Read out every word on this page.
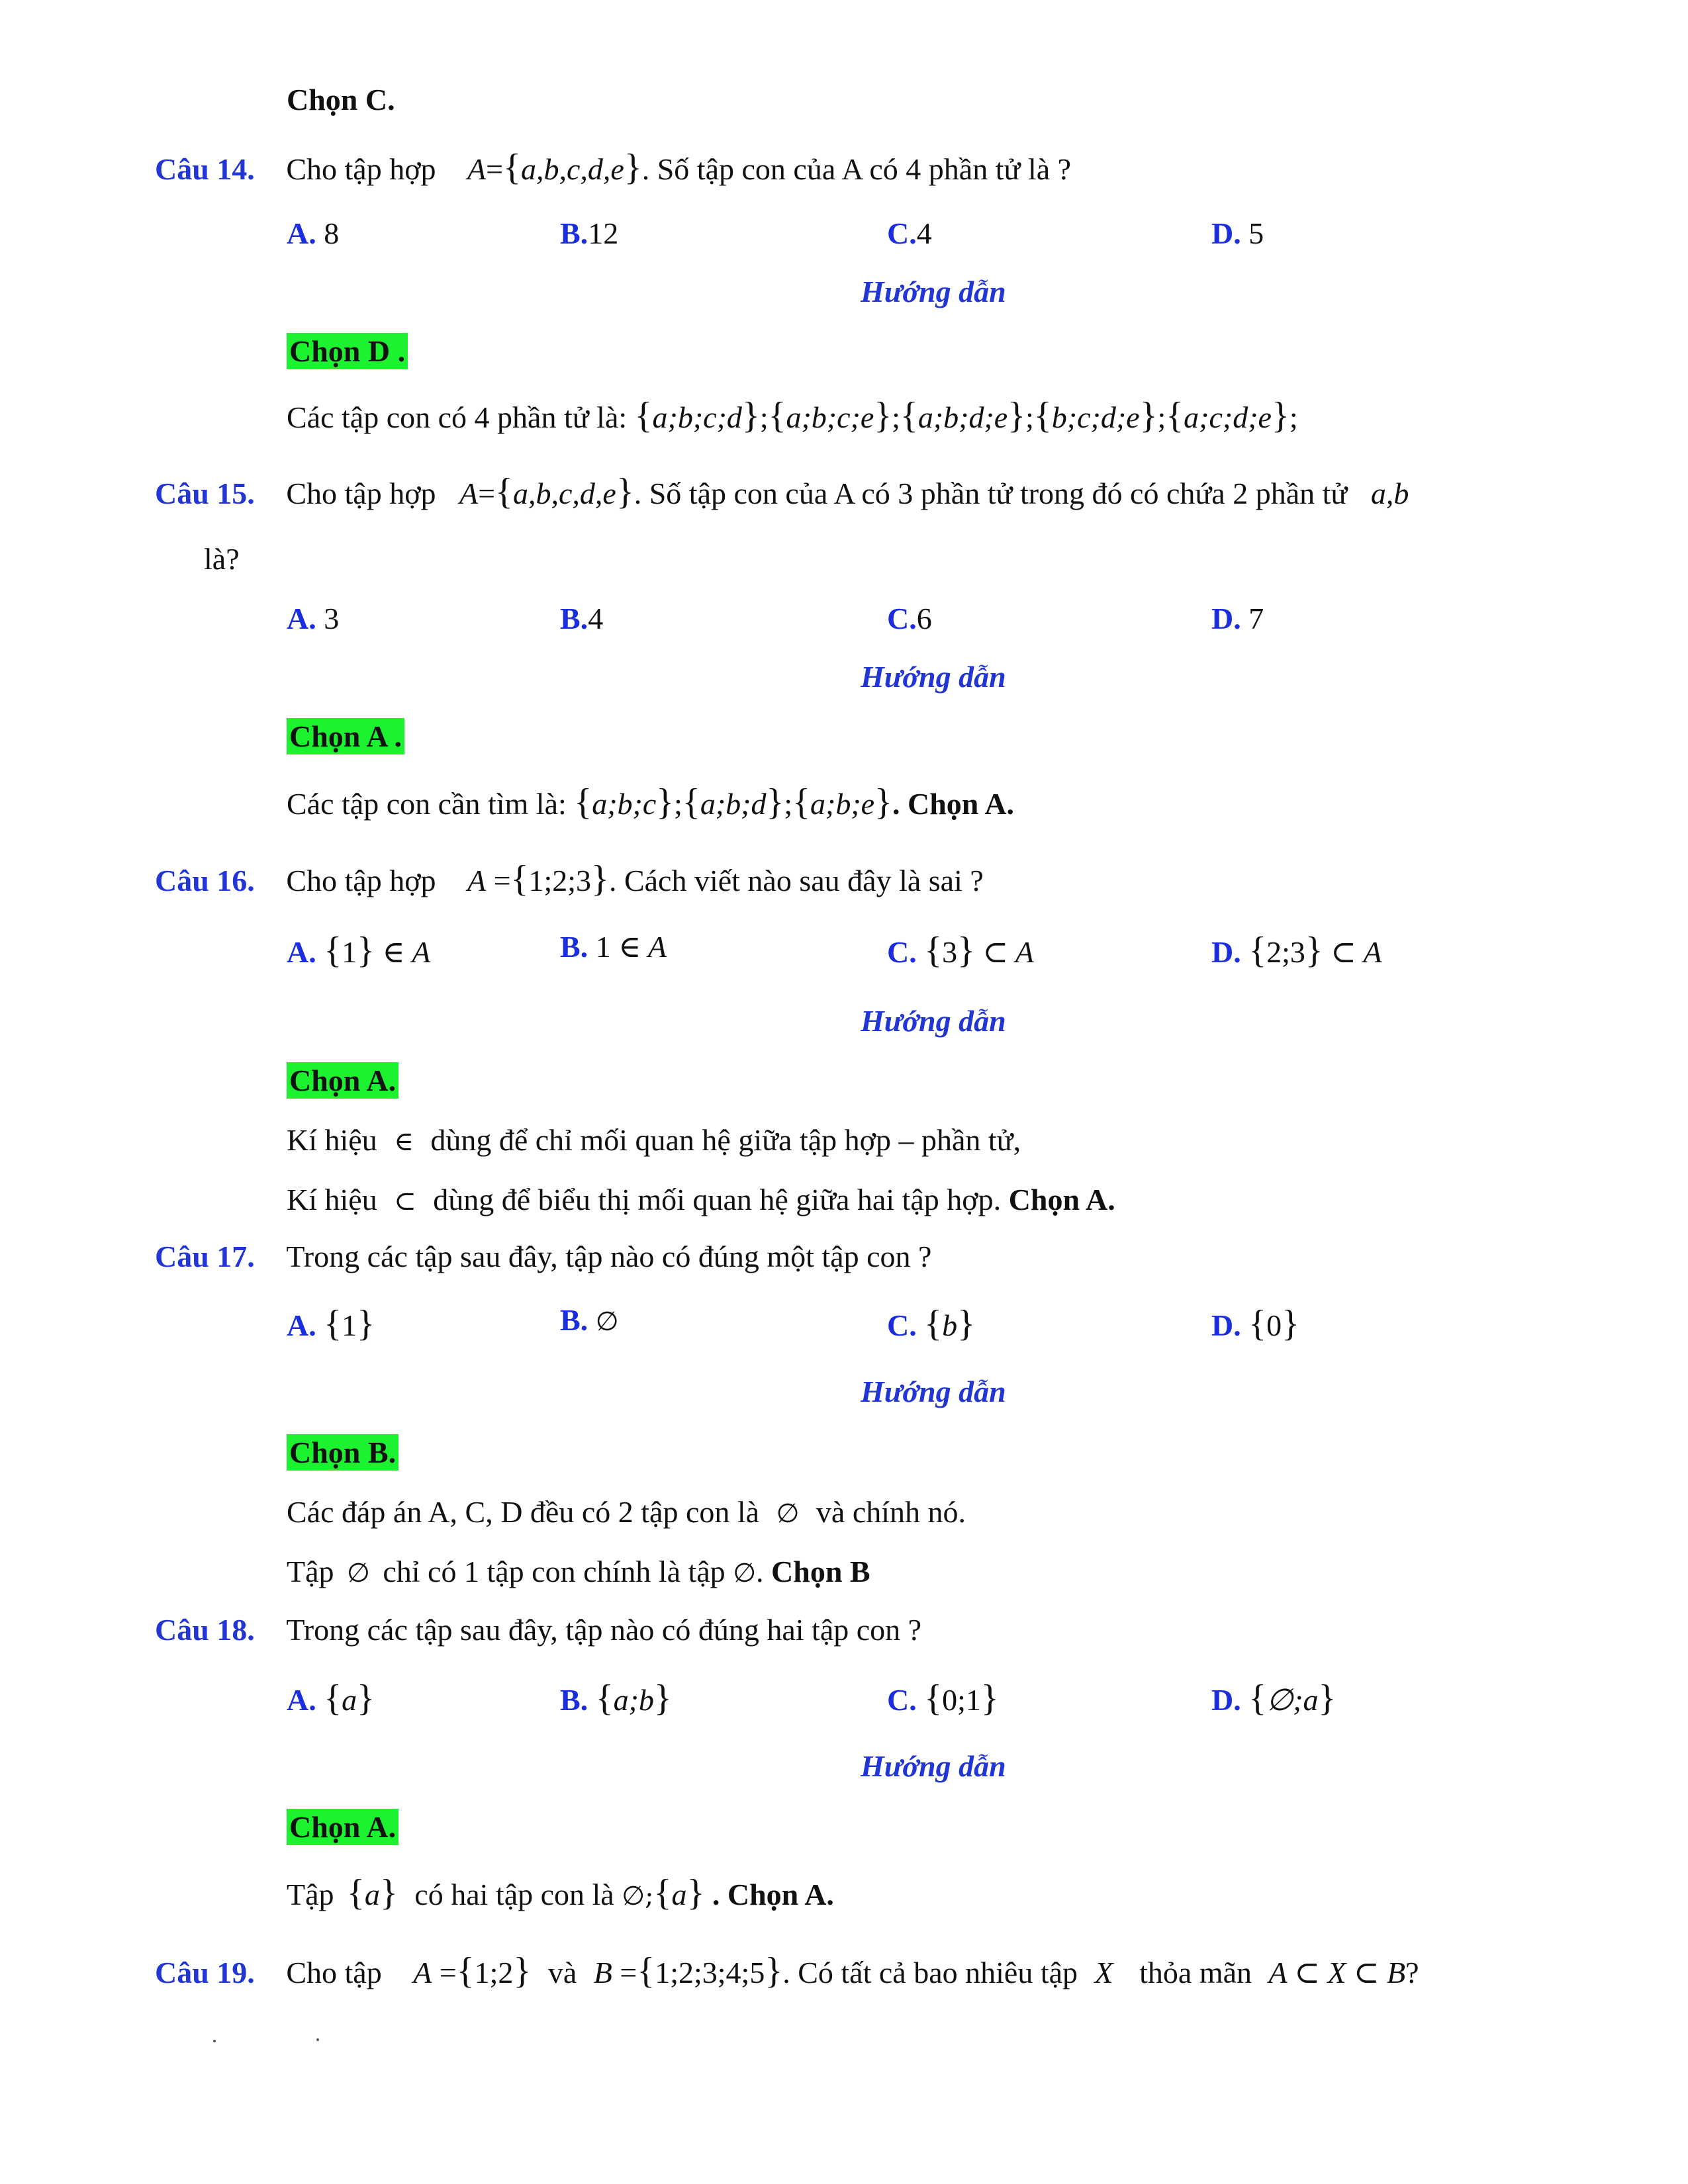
Chọn C.
Câu 14. Cho tập hợp A={a,b,c,d,e}. Số tập con của A có 4 phần tử là ?
A. 8	B.12	C.4	D. 5
Hướng dẫn
Chọn D .
Các tập con có 4 phần tử là: {a;b;c;d};{a;b;c;e};{a;b;d;e};{b;c;d;e};{a;c;d;e};
Câu 15. Cho tập hợp A={a,b,c,d,e}. Số tập con của A có 3 phần tử trong đó có chứa 2 phần tử a,b
là?
A. 3	B.4	C.6	D. 7
Hướng dẫn
Chọn A .
Các tập con cần tìm là: {a;b;c};{a;b;d};{a;b;e}. Chọn A.
Câu 16. Cho tập hợp A ={1;2;3}. Cách viết nào sau đây là sai ?
A. {1} ∈ A	B. 1 ∈ A	C. {3} ⊂ A	D. {2;3} ⊂ A
Hướng dẫn
Chọn A.
Kí hiệu ∈ dùng để chỉ mối quan hệ giữa tập hợp – phần tử,
Kí hiệu ⊂ dùng để biểu thị mối quan hệ giữa hai tập hợp. Chọn A.
Câu 17. Trong các tập sau đây, tập nào có đúng một tập con ?
A. {1}	B. ∅	C. {b}	D. {0}
Hướng dẫn
Chọn B.
Các đáp án A, C, D đều có 2 tập con là ∅ và chính nó.
Tập ∅ chỉ có 1 tập con chính là tập ∅. Chọn B
Câu 18. Trong các tập sau đây, tập nào có đúng hai tập con ?
A. {a}	B. {a;b}	C. {0;1}	D. {∅;a}
Hướng dẫn
Chọn A.
Tập {a} có hai tập con là ∅;{a} . Chọn A.
Câu 19. Cho tập A ={1;2} và B ={1;2;3;4;5}. Có tất cả bao nhiêu tập X thỏa mãn A ⊂ X ⊂ B?
